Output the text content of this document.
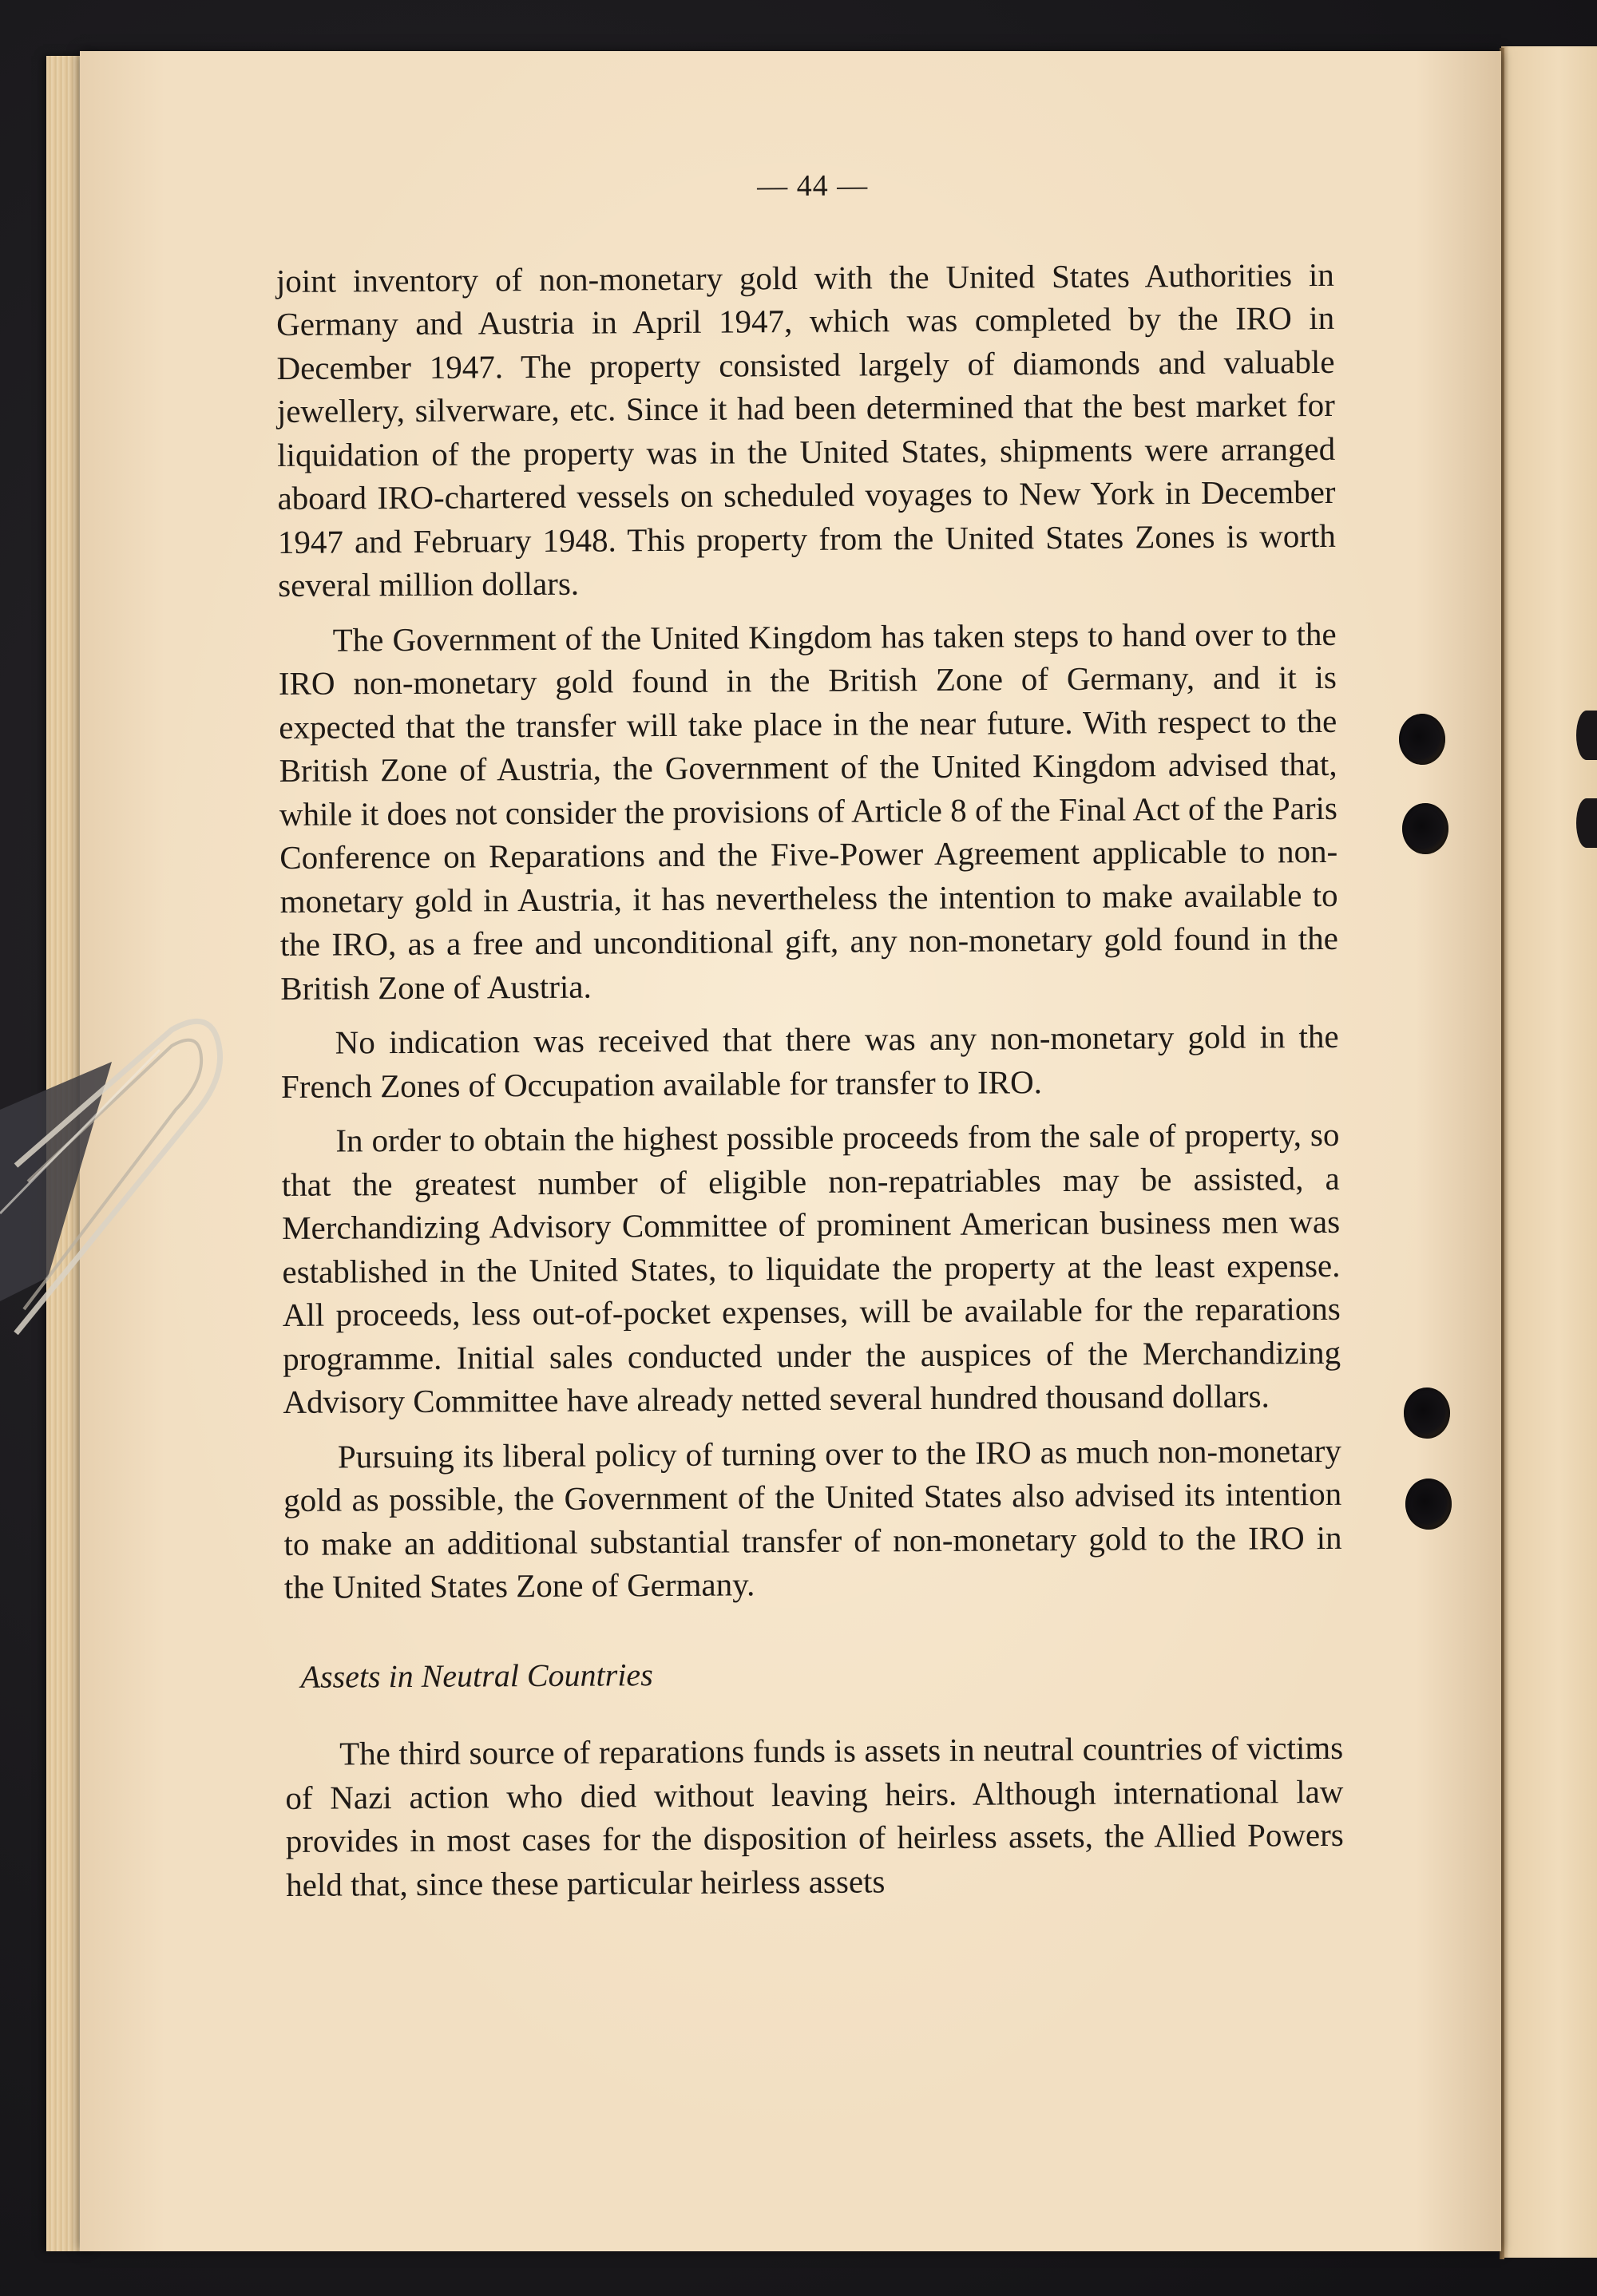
— 44 —

joint inventory of non-monetary gold with the United States Authorities in Germany and Austria in April 1947, which was completed by the IRO in December 1947. The property consisted largely of diamonds and valuable jewellery, silverware, etc. Since it had been determined that the best market for liquidation of the property was in the United States, shipments were arranged aboard IRO-chartered vessels on scheduled voyages to New York in December 1947 and February 1948. This property from the United States Zones is worth several million dollars.

The Government of the United Kingdom has taken steps to hand over to the IRO non-monetary gold found in the British Zone of Germany, and it is expected that the transfer will take place in the near future. With respect to the British Zone of Austria, the Government of the United Kingdom advised that, while it does not consider the provisions of Article 8 of the Final Act of the Paris Conference on Reparations and the Five-Power Agreement applicable to non-monetary gold in Austria, it has nevertheless the intention to make available to the IRO, as a free and unconditional gift, any non-monetary gold found in the British Zone of Austria.

No indication was received that there was any non-monetary gold in the French Zones of Occupation available for transfer to IRO.

In order to obtain the highest possible proceeds from the sale of property, so that the greatest number of eligible non-repatriables may be assisted, a Merchandizing Advisory Committee of prominent American business men was established in the United States, to liquidate the property at the least expense. All proceeds, less out-of-pocket expenses, will be available for the reparations programme. Initial sales conducted under the auspices of the Merchandizing Advisory Committee have already netted several hundred thousand dollars.

Pursuing its liberal policy of turning over to the IRO as much non-monetary gold as possible, the Government of the United States also advised its intention to make an additional substantial transfer of non-monetary gold to the IRO in the United States Zone of Germany.

Assets in Neutral Countries

The third source of reparations funds is assets in neutral countries of victims of Nazi action who died without leaving heirs. Although international law provides in most cases for the disposition of heirless assets, the Allied Powers held that, since these particular heirless assets
